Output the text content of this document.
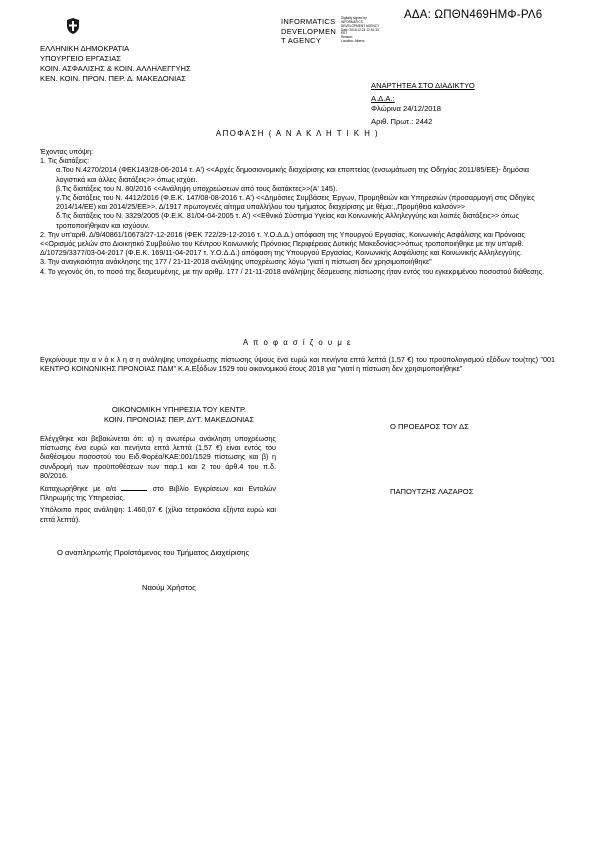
ΑΔΑ: ΩΠΘΝ469ΗΜΦ-ΡΛ6
ΕΛΛΗΝΙΚΗ ΔΗΜΟΚΡΑΤΙΑ
ΥΠΟΥΡΓΕΙΟ ΕΡΓΑΣΙΑΣ
ΚΟΙΝ. ΑΣΦΑΛΙΣΗΣ & ΚΟΙΝ. ΑΛΛΗΛΕΓΓΥΗΣ
ΚΕΝ. ΚΟΙΝ. ΠΡΟΝ. ΠΕΡ. Δ. ΜΑΚΕΔΟΝΙΑΣ
INFORMATICS
DEVELOPMEN
T AGENCY
Digitally signed by
INFORMATICS
DEVELOPMENT AGENCY
Date: 2018.12.24 12:51:33
EET
Reason:
Location: Athens
ΑΝΑΡΤΗΤΕΑ ΣΤΟ ΔΙΑΔΙΚΤΥΟ
Α.Δ.Α.:
Φλώρινα 24/12/2018
Αριθ. Πρωτ.: 2442
ΑΠΟΦΑΣΗ ( Α Ν Α Κ Λ Η Τ Ι Κ Η )

Έχοντας υπόψη:

1. Τις διατάξεις:

α.Του Ν.4270/2014 (ΦΕΚ143/28-06-2014 τ. Α') <<Αρχές δημοσιονομικής διαχείρισης και εποπτείας (ενσωμάτωση της Οδηγίας 2011/85/ΕΕ)- δημόσια λογιστικά και άλλες διατάξεις>> όπως ισχύει.

β.Τις διατάξεις του Ν. 80/2016 <<Ανάληψη υποχρεώσεων από τους διατάκτες>>(Α' 145).

γ.Τις διατάξεις του Ν. 4412/2016 (Φ.Ε.Κ. 147/08-08-2016 τ. Α') <<Δημόσιες Συμβάσεις Έργων, Προμηθειών και Υπηρεσιών (προσαρμογή στις Οδηγίες 2014/14/ΕΕ) και 2014/25/ΕΕ>>. Δ/1917 πρωτογενές αίτημα υπαλλήλου του τμήματος διαχείρισης με θέμα:,,Προμήθεια καλσόν>>

δ.Τις διατάξεις του Ν. 3329/2005 (Φ.Ε.Κ. 81/04-04-2005 τ. Α') <<Εθνικό Σύστημα Υγείας και Κοινωνικής Αλληλεγγύης και λοιπές διατάξεις>> όπως τροποποιήθηκαν και ισχύουν.

2. Την υπ'αριθ. Δ/9/40861/10673/27-12-2016 (ΦΕΚ 722/29-12-2016 τ. Υ.Ο.Δ.Δ.) απόφαση της Υπουργού Εργασίας, Κοινωνικής Ασφάλισης και Πρόνοιας <<Ορισμός μελών στο Διοικητικό Συμβούλιο του Κέντρου Κοινωνικής Πρόνοιας Περιφέρειας Δυτικής Μακεδονίας>>όπως τροποποιήθηκε με την υπ'αριθ. Δ/10729/3377/03-04-2017 (Φ.Ε.Κ. 169/11-04-2017 τ. Υ.Ο.Δ.Δ.) απόφαση της Υπουργού Εργασίας, Κοινωνικής Ασφάλισης και Κοινωνικής Αλληλεγγύης.

3. Την αναγκαιότητα ανάκλησης της 177 / 21-11-2018 ανάληψης υποχρέωσης λόγω "γιατί η πίστωση δεν χρησιμοποιήθηκε"

4. Το γεγονός ότι, το ποσό της δεσμευμένης, με την αριθμ. 177 / 21-11-2018 ανάληψης δέσμευσης πίστωσης ήταν εντός του εγκεκριμένου ποσοστού διάθεσης.

Α π ο φ α σ ί ζ ο υ μ ε
Εγκρίνουμε την α ν ά κ λ η σ η ανάληψης υποχρέωσης πίστωσης ύψους ένα ευρώ και πενήντα επτά λεπτά (1,57 €) του προϋπολογισμού εξόδων του(της) "001 ΚΕΝΤΡΟ ΚΟΙΝΩΝΙΚΗΣ ΠΡΟΝΟΙΑΣ ΠΔΜ" Κ.Α.Εξόδων 1529 του οικονομικού έτους 2018 για "γιατί η πίστωση δεν χρησιμοποιήθηκε"
ΟΙΚΟΝΟΜΙΚΗ ΥΠΗΡΕΣΙΑ ΤΟΥ ΚΕΝΤΡ.
ΚΟΙΝ. ΠΡΟΝΟΙΑΣ ΠΕΡ. ΔΥΤ. ΜΑΚΕΔΟΝΙΑΣ

Ελέγχθηκε και βεβαιώνεται ότι: α) η ανωτέρω ανάκληση υποχρέωσης πίστωσης ένα ευρώ και πενήντα επτά λεπτά (1,57 €) είναι εντός του διαθέσιμου ποσοστού του Ειδ.Φορέα/ΚΑΕ:001/1529 πίστωσης και β) η συνδρομή των προϋποθέσεων των παρ.1 και 2 του άρθ.4 του π.δ. 80/2016.

Καταχωρήθηκε με α/α	στο Βιβλίο Εγκρίσεων και Εντολών Πληρωμής της Υπηρεσίας.

Υπόλοιπο προς ανάληψη: 1.460,07 € (χίλια τετρακόσια εξήντα ευρώ και επτά λεπτά).

Ο ΠΡΟΕΔΡΟΣ ΤΟΥ ΔΣ
ΠΑΠΟΥΤΖΗΣ ΛΑΖΑΡΟΣ
Ο αναπληρωτής Προϊστάμενος του Τμήματος Διαχείρισης
Ναούμ Χρήστος
